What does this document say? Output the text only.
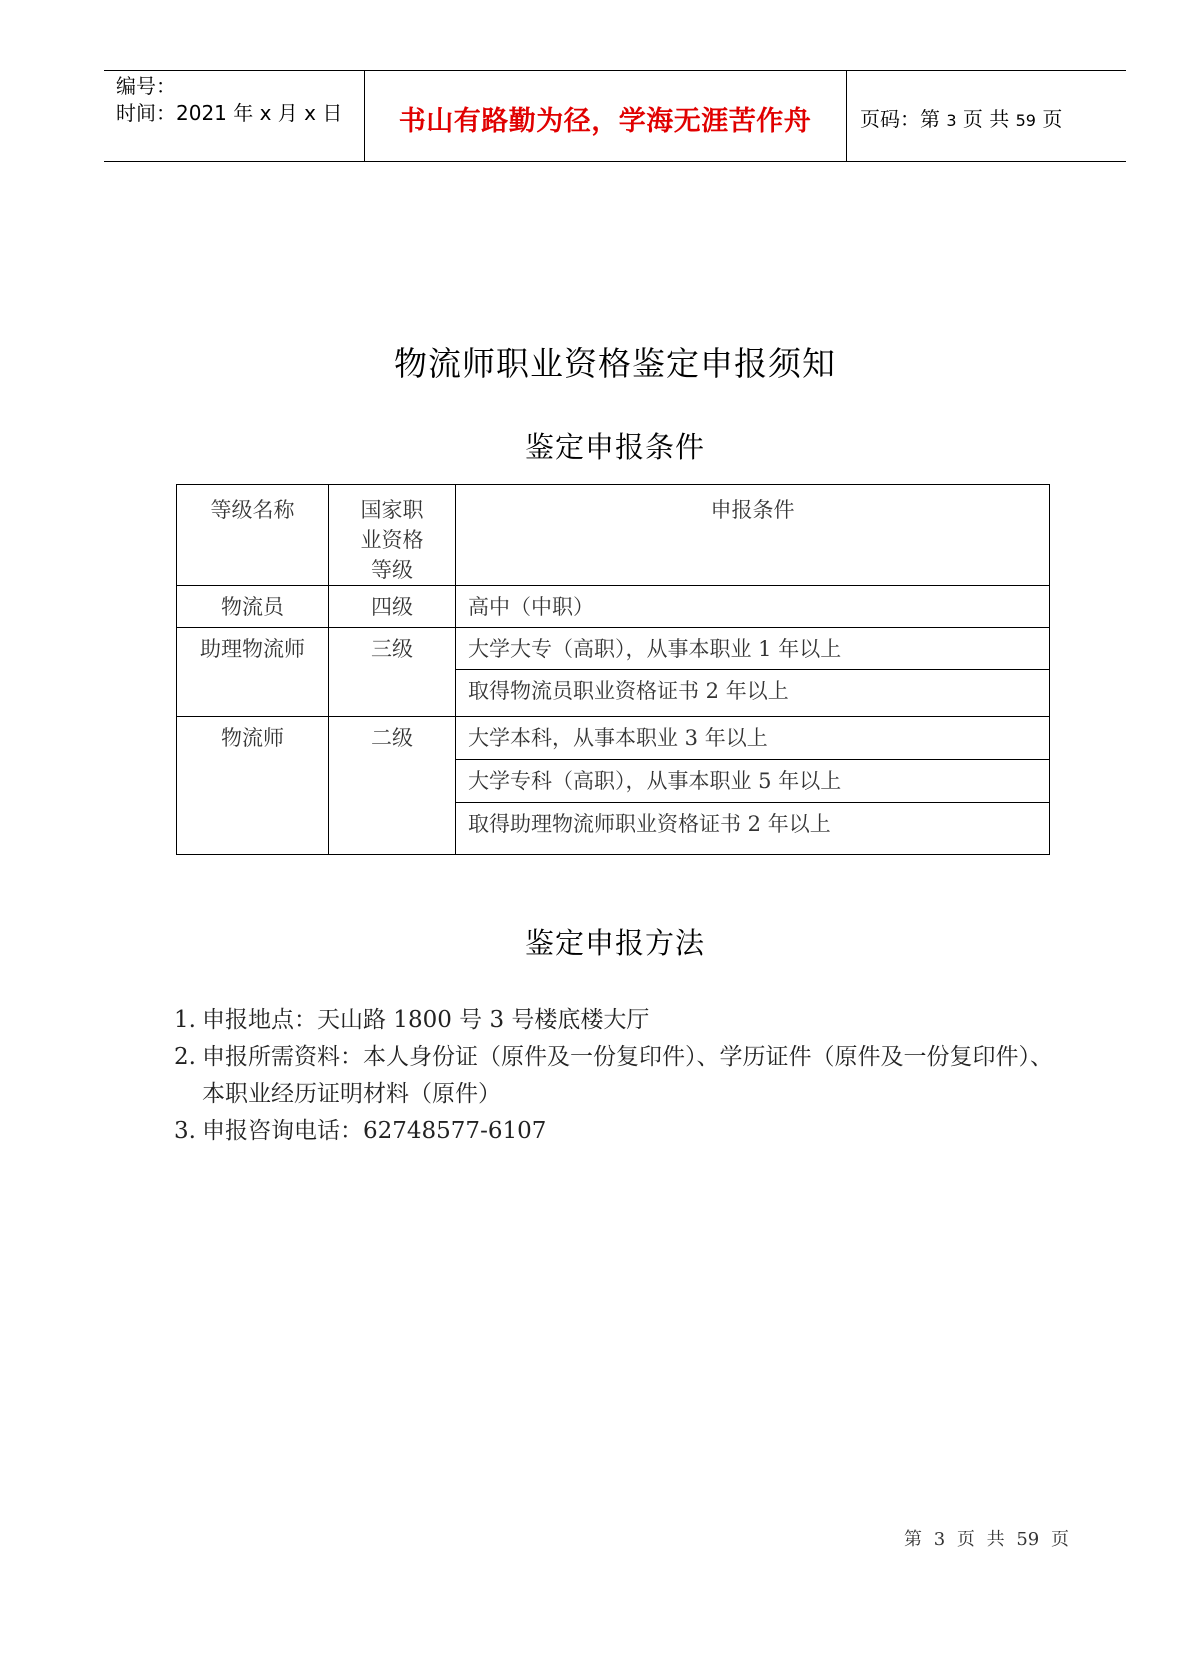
编号：
时间：2021 年 x 月 x 日	书山有路勤为径，学海无涯苦作舟	页码：第 3 页 共 59 页
物流师职业资格鉴定申报须知
鉴定申报条件
等级名称	国家职业资格等级	申报条件

物流员	四级	高中（中职）

助理物流师	三级	大学大专（高职），从事本职业 1 年以上

		取得物流员职业资格证书 2 年以上

物流师	二级	大学本科，从事本职业 3 年以上

		大学专科（高职），从事本职业 5 年以上

		取得助理物流师职业资格证书 2 年以上
鉴定申报方法
1. 申报地点：天山路 1800 号 3 号楼底楼大厅
2. 申报所需资料：本人身份证（原件及一份复印件）、学历证件（原件及一份复印件）、本职业经历证明材料（原件）
3. 申报咨询电话：62748577-6107
第 3 页 共 59 页
